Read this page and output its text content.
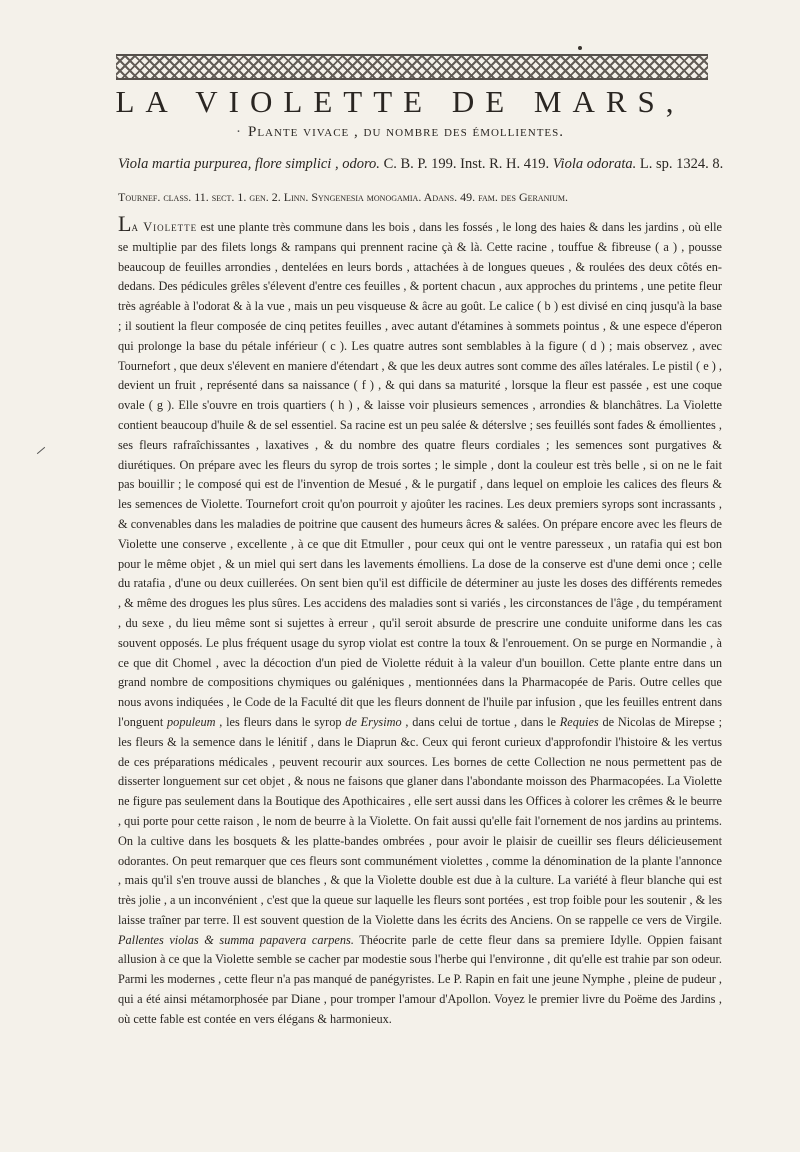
LA VIOLETTE DE MARS,

· Plante vivace , du nombre des émollientes.

Viola martia purpurea, flore simplici , odoro. C. B. P. 199. Inst. R. H. 419. Viola odorata. L. sp. 1324. 8.

Tournef. class. 11. sect. 1. gen. 2. Linn. Syngenesia monogamia. Adans. 49. fam. des Geranium.

La Violette est une plante très commune dans les bois , dans les fossés , le long des haies & dans les jardins , où elle se multiplie par des filets longs & rampans qui prennent racine çà & là. Cette racine , touffue & fibreuse ( a ) , pousse beaucoup de feuilles arrondies , dentelées en leurs bords , attachées à de longues queues , & roulées des deux côtés en-dedans. Des pédicules grêles s'élevent d'entre ces feuilles , & portent chacun , aux approches du printems , une petite fleur très agréable à l'odorat & à la vue , mais un peu visqueuse & âcre au goût. Le calice ( b ) est divisé en cinq jusqu'à la base ; il soutient la fleur composée de cinq petites feuilles , avec autant d'étamines à sommets pointus , & une espece d'éperon qui prolonge la base du pétale inférieur ( c ). Les quatre autres sont semblables à la figure ( d ) ; mais observez , avec Tournefort , que deux s'élevent en maniere d'étendart , & que les deux autres sont comme des aîles latérales. Le pistil ( e ) , devient un fruit , représenté dans sa naissance ( f ) , & qui dans sa maturité , lorsque la fleur est passée , est une coque ovale ( g ). Elle s'ouvre en trois quartiers ( h ) , & laisse voir plusieurs semences , arrondies & blanchâtres. La Violette contient beaucoup d'huile & de sel essentiel. Sa racine est un peu salée & déterslve ; ses feuillés sont fades & émollientes , ses fleurs rafraîchissantes , laxatives , & du nombre des quatre fleurs cordiales ; les semences sont purgatives & diurétiques. On prépare avec les fleurs du syrop de trois sortes ; le simple , dont la couleur est très belle , si on ne le fait pas bouillir ; le composé qui est de l'invention de Mesué , & le purgatif , dans lequel on emploie les calices des fleurs & les semences de Violette. Tournefort croit qu'on pourroit y ajoûter les racines. Les deux premiers syrops sont incrassants , & convenables dans les maladies de poitrine que causent des humeurs âcres & salées. On prépare encore avec les fleurs de Violette une conserve , excellente , à ce que dit Etmuller , pour ceux qui ont le ventre paresseux , un ratafia qui est bon pour le même objet , & un miel qui sert dans les lavements émolliens. La dose de la conserve est d'une demi once ; celle du ratafia , d'une ou deux cuillerées. On sent bien qu'il est difficile de déterminer au juste les doses des différents remedes , & même des drogues les plus sûres. Les accidens des maladies sont si variés , les circonstances de l'âge , du tempérament , du sexe , du lieu même sont si sujettes à erreur , qu'il seroit absurde de prescrire une conduite uniforme dans les cas souvent opposés. Le plus fréquent usage du syrop violat est contre la toux & l'enrouement. On se purge en Normandie , à ce que dit Chomel , avec la décoction d'un pied de Violette réduit à la valeur d'un bouillon. Cette plante entre dans un grand nombre de compositions chymiques ou galéniques , mentionnées dans la Pharmacopée de Paris. Outre celles que nous avons indiquées , le Code de la Faculté dit que les fleurs donnent de l'huile par infusion , que les feuilles entrent dans l'onguent populeum , les fleurs dans le syrop de Erysimo , dans celui de tortue , dans le Requies de Nicolas de Mirepse ; les fleurs & la semence dans le lénitif , dans le Diaprun &c. Ceux qui feront curieux d'approfondir l'histoire & les vertus de ces préparations médicales , peuvent recourir aux sources. Les bornes de cette Collection ne nous permettent pas de disserter longuement sur cet objet , & nous ne faisons que glaner dans l'abondante moisson des Pharmacopées. La Violette ne figure pas seulement dans la Boutique des Apothicaires , elle sert aussi dans les Offices à colorer les crêmes & le beurre , qui porte pour cette raison , le nom de beurre à la Violette. On fait aussi qu'elle fait l'ornement de nos jardins au printems. On la cultive dans les bosquets & les platte-bandes ombrées , pour avoir le plaisir de cueillir ses fleurs délicieusement odorantes. On peut remarquer que ces fleurs sont communément violettes , comme la dénomination de la plante l'annonce , mais qu'il s'en trouve aussi de blanches , & que la Violette double est due à la culture. La variété à fleur blanche qui est très jolie , a un inconvénient , c'est que la queue sur laquelle les fleurs sont portées , est trop foible pour les soutenir , & les laisse traîner par terre. Il est souvent question de la Violette dans les écrits des Anciens. On se rappelle ce vers de Virgile. Pallentes violas & summa papavera carpens. Théocrite parle de cette fleur dans sa premiere Idylle. Oppien faisant allusion à ce que la Violette semble se cacher par modestie sous l'herbe qui l'environne , dit qu'elle est trahie par son odeur. Parmi les modernes , cette fleur n'a pas manqué de panégyristes. Le P. Rapin en fait une jeune Nymphe , pleine de pudeur , qui a été ainsi métamorphosée par Diane , pour tromper l'amour d'Apollon. Voyez le premier livre du Poëme des Jardins , où cette fable est contée en vers élégans & harmonieux.
